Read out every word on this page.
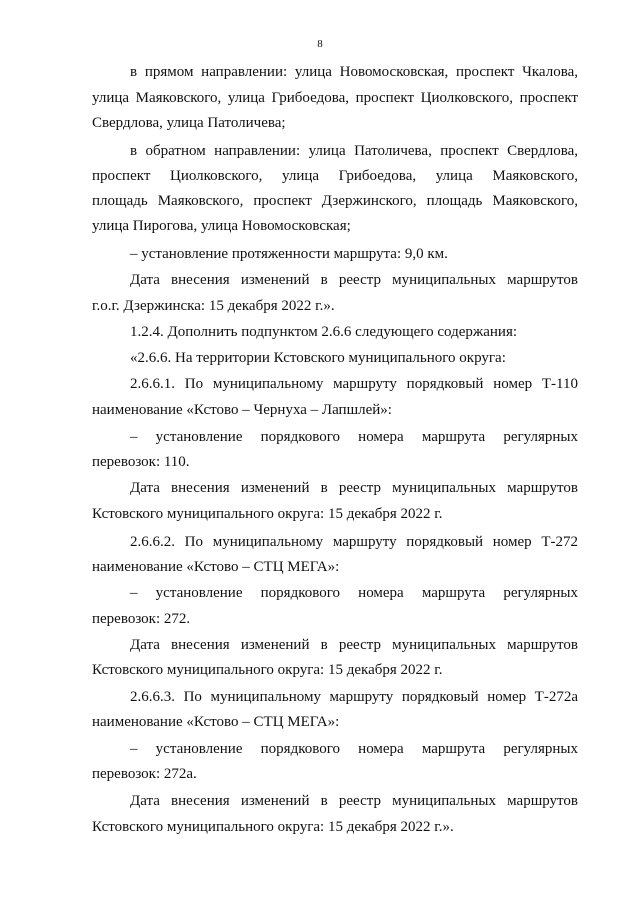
8
в прямом направлении: улица Новомосковская, проспект Чкалова,
улица Маяковского, улица Грибоедова, проспект Циолковского, проспект
Свердлова, улица Патоличева;
в обратном направлении: улица Патоличева, проспект Свердлова,
проспект Циолковского, улица Грибоедова, улица Маяковского,
площадь Маяковского, проспект Дзержинского, площадь Маяковского,
улица Пирогова, улица Новомосковская;
– установление протяженности маршрута: 9,0 км.
Дата внесения изменений в реестр муниципальных маршрутов
г.о.г. Дзержинска: 15 декабря 2022 г.».
1.2.4. Дополнить подпунктом 2.6.6 следующего содержания:
«2.6.6. На территории Кстовского муниципального округа:
2.6.6.1. По муниципальному маршруту порядковый номер Т-110
наименование «Кстово – Чернуха – Лапшлей»:
– установление порядкового номера маршрута регулярных
перевозок: 110.
Дата внесения изменений в реестр муниципальных маршрутов
Кстовского муниципального округа: 15 декабря 2022 г.
2.6.6.2. По муниципальному маршруту порядковый номер Т-272
наименование «Кстово – СТЦ МЕГА»:
– установление порядкового номера маршрута регулярных
перевозок: 272.
Дата внесения изменений в реестр муниципальных маршрутов
Кстовского муниципального округа: 15 декабря 2022 г.
2.6.6.3. По муниципальному маршруту порядковый номер Т-272а
наименование «Кстово – СТЦ МЕГА»:
– установление порядкового номера маршрута регулярных
перевозок: 272а.
Дата внесения изменений в реестр муниципальных маршрутов
Кстовского муниципального округа: 15 декабря 2022 г.».
